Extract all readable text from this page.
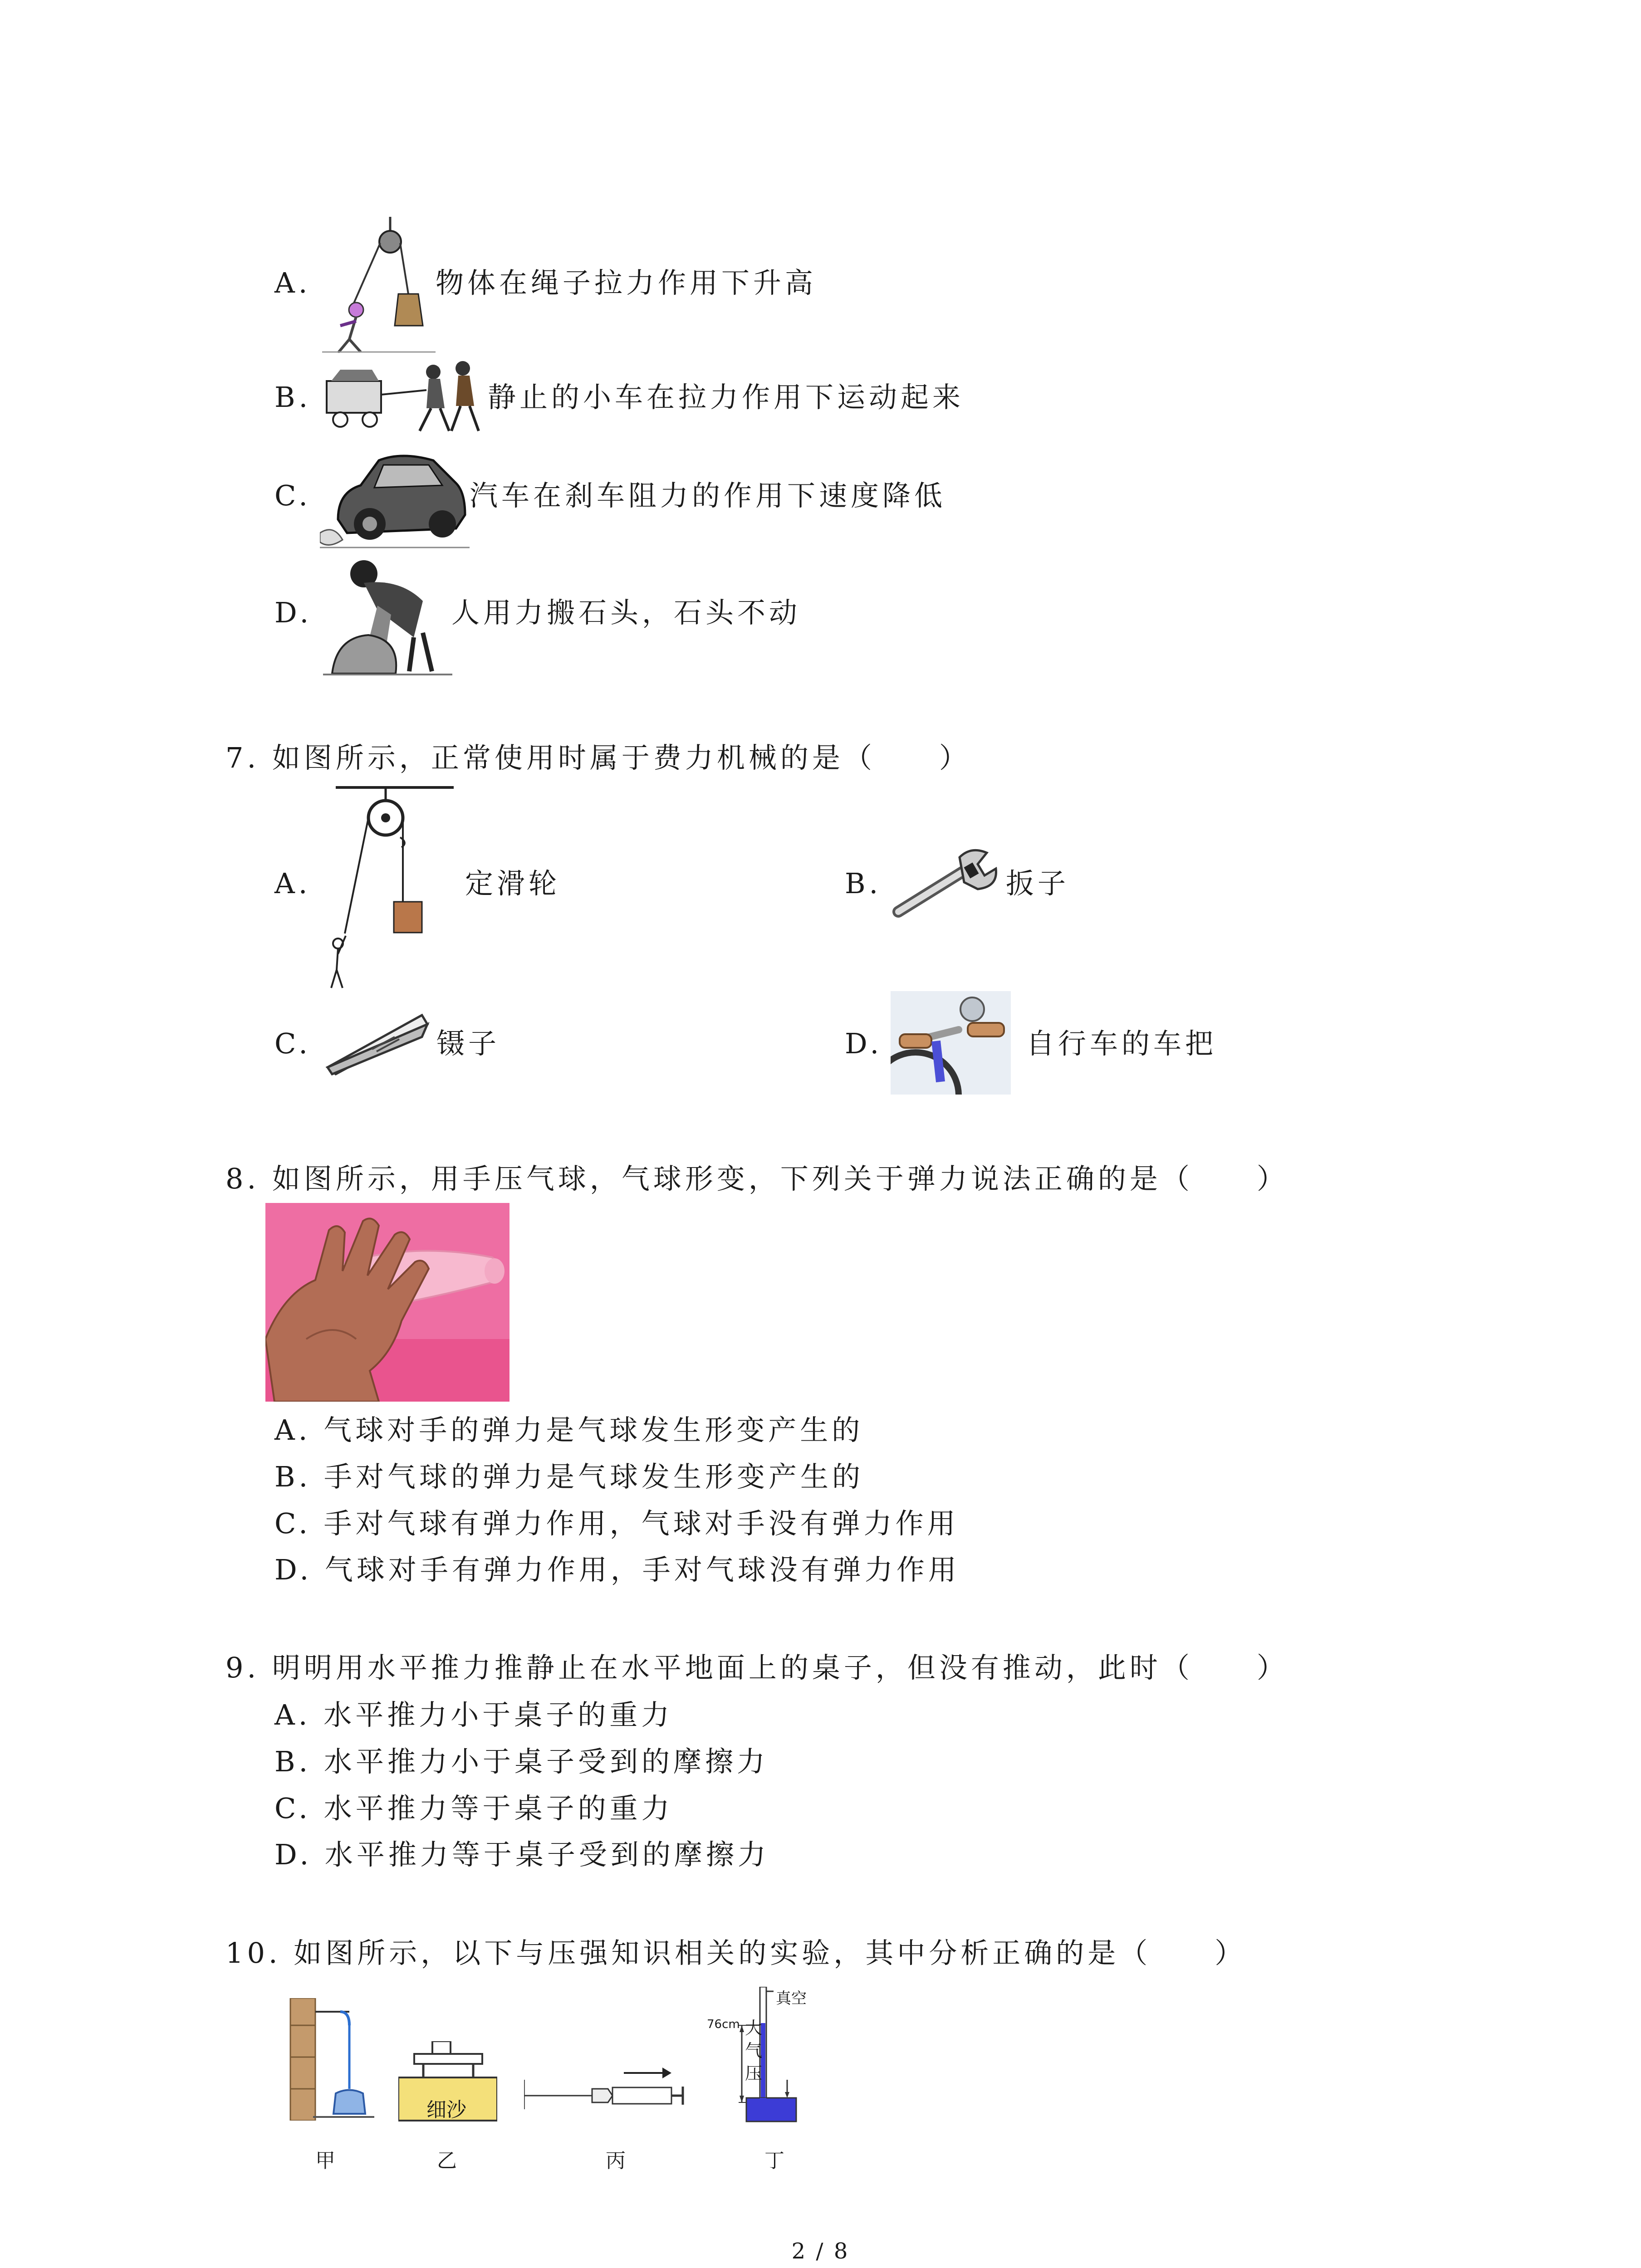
A.	物体在绳子拉力作用下升高
B.	静止的小车在拉力作用下运动起来
C.	汽车在刹车阻力的作用下速度降低
D.	人用力搬石头，石头不动
7. 如图所示，正常使用时属于费力机械的是（　　）
A.	定滑轮	B.	扳子
C.	镊子	D.	自行车的车把
8. 如图所示，用手压气球，气球形变，下列关于弹力说法正确的是（　　）
A. 气球对手的弹力是气球发生形变产生的
B. 手对气球的弹力是气球发生形变产生的
C. 手对气球有弹力作用，气球对手没有弹力作用
D. 气球对手有弹力作用，手对气球没有弹力作用
9. 明明用水平推力推静止在水平地面上的桌子，但没有推动，此时（　　）
A. 水平推力小于桌子的重力
B. 水平推力小于桌子受到的摩擦力
C. 水平推力等于桌子的重力
D. 水平推力等于桌子受到的摩擦力
10. 如图所示，以下与压强知识相关的实验，其中分析正确的是（　　）
细沙
真空
76cm 大
气
压
甲	乙	丙	丁
2 / 8
